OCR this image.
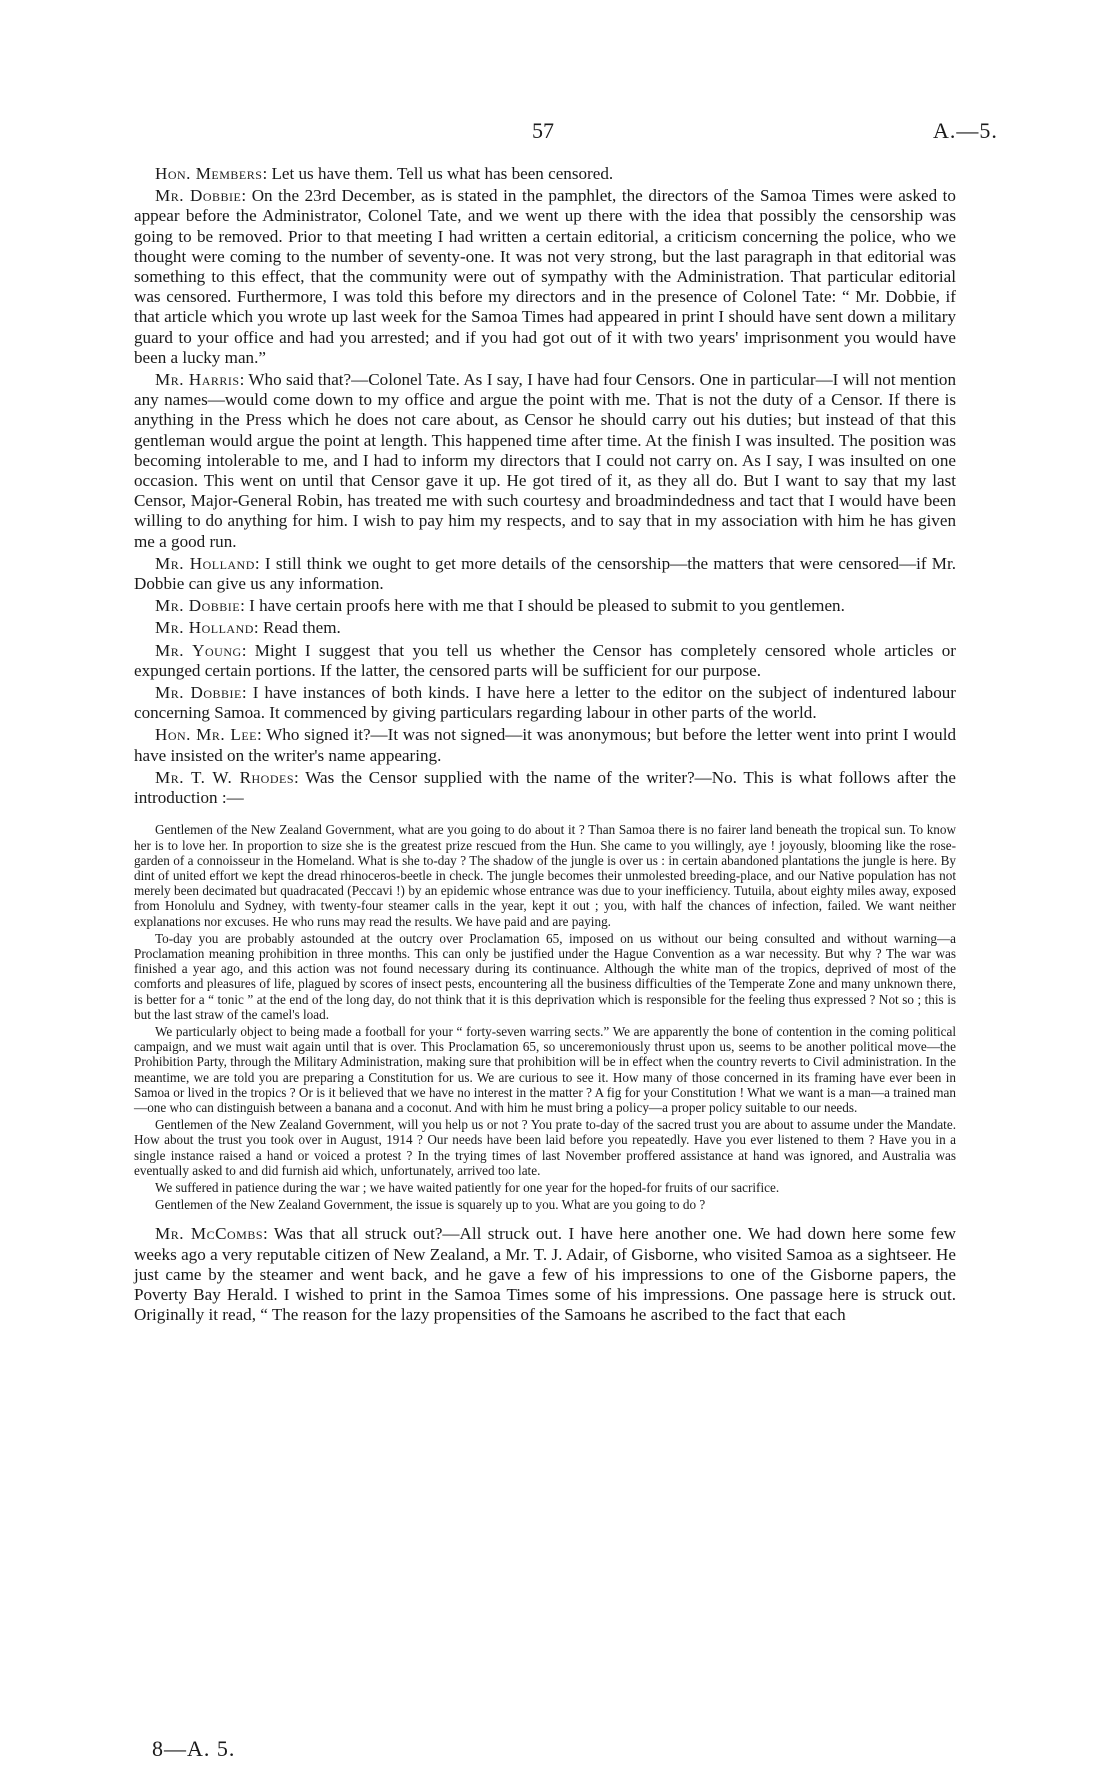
57	A.—5.

Hon. Members: Let us have them. Tell us what has been censored.

Mr. Dobbie: On the 23rd December, as is stated in the pamphlet, the directors of the Samoa Times were asked to appear before the Administrator, Colonel Tate, and we went up there with the idea that possibly the censorship was going to be removed. Prior to that meeting I had written a certain editorial, a criticism concerning the police, who we thought were coming to the number of seventy-one. It was not very strong, but the last paragraph in that editorial was something to this effect, that the community were out of sympathy with the Administration. That particular editorial was censored. Furthermore, I was told this before my directors and in the presence of Colonel Tate: “ Mr. Dobbie, if that article which you wrote up last week for the Samoa Times had appeared in print I should have sent down a military guard to your office and had you arrested; and if you had got out of it with two years' imprisonment you would have been a lucky man.”

Mr. Harris: Who said that?—Colonel Tate. As I say, I have had four Censors. One in particular—I will not mention any names—would come down to my office and argue the point with me. That is not the duty of a Censor. If there is anything in the Press which he does not care about, as Censor he should carry out his duties; but instead of that this gentleman would argue the point at length. This happened time after time. At the finish I was insulted. The position was becoming intolerable to me, and I had to inform my directors that I could not carry on. As I say, I was insulted on one occasion. This went on until that Censor gave it up. He got tired of it, as they all do. But I want to say that my last Censor, Major-General Robin, has treated me with such courtesy and broadmindedness and tact that I would have been willing to do anything for him. I wish to pay him my respects, and to say that in my association with him he has given me a good run.

Mr. Holland: I still think we ought to get more details of the censorship—the matters that were censored—if Mr. Dobbie can give us any information.

Mr. Dobbie: I have certain proofs here with me that I should be pleased to submit to you gentlemen.

Mr. Holland: Read them.

Mr. Young: Might I suggest that you tell us whether the Censor has completely censored whole articles or expunged certain portions. If the latter, the censored parts will be sufficient for our purpose.

Mr. Dobbie: I have instances of both kinds. I have here a letter to the editor on the subject of indentured labour concerning Samoa. It commenced by giving particulars regarding labour in other parts of the world.

Hon. Mr. Lee: Who signed it?—It was not signed—it was anonymous; but before the letter went into print I would have insisted on the writer's name appearing.

Mr. T. W. Rhodes: Was the Censor supplied with the name of the writer?—No. This is what follows after the introduction :—

Gentlemen of the New Zealand Government, what are you going to do about it ? Than Samoa there is no fairer land beneath the tropical sun. To know her is to love her. In proportion to size she is the greatest prize rescued from the Hun. She came to you willingly, aye ! joyously, blooming like the rose-garden of a connoisseur in the Homeland. What is she to-day ? The shadow of the jungle is over us : in certain abandoned plantations the jungle is here. By dint of united effort we kept the dread rhinoceros-beetle in check. The jungle becomes their unmolested breeding-place, and our Native population has not merely been decimated but quadracated (Peccavi !) by an epidemic whose entrance was due to your inefficiency. Tutuila, about eighty miles away, exposed from Honolulu and Sydney, with twenty-four steamer calls in the year, kept it out ; you, with half the chances of infection, failed. We want neither explanations nor excuses. He who runs may read the results. We have paid and are paying.

To-day you are probably astounded at the outcry over Proclamation 65, imposed on us without our being consulted and without warning—a Proclamation meaning prohibition in three months. This can only be justified under the Hague Convention as a war necessity. But why ? The war was finished a year ago, and this action was not found necessary during its continuance. Although the white man of the tropics, deprived of most of the comforts and pleasures of life, plagued by scores of insect pests, encountering all the business difficulties of the Temperate Zone and many unknown there, is better for a “ tonic ” at the end of the long day, do not think that it is this deprivation which is responsible for the feeling thus expressed ? Not so ; this is but the last straw of the camel's load.

We particularly object to being made a football for your “ forty-seven warring sects.” We are apparently the bone of contention in the coming political campaign, and we must wait again until that is over. This Proclamation 65, so unceremoniously thrust upon us, seems to be another political move—the Prohibition Party, through the Military Administration, making sure that prohibition will be in effect when the country reverts to Civil administration. In the meantime, we are told you are preparing a Constitution for us. We are curious to see it. How many of those concerned in its framing have ever been in Samoa or lived in the tropics ? Or is it believed that we have no interest in the matter ? A fig for your Constitution ! What we want is a man—a trained man—one who can distinguish between a banana and a coconut. And with him he must bring a policy—a proper policy suitable to our needs.

Gentlemen of the New Zealand Government, will you help us or not ? You prate to-day of the sacred trust you are about to assume under the Mandate. How about the trust you took over in August, 1914 ? Our needs have been laid before you repeatedly. Have you ever listened to them ? Have you in a single instance raised a hand or voiced a protest ? In the trying times of last November proffered assistance at hand was ignored, and Australia was eventually asked to and did furnish aid which, unfortunately, arrived too late.

We suffered in patience during the war ; we have waited patiently for one year for the hoped-for fruits of our sacrifice.

Gentlemen of the New Zealand Government, the issue is squarely up to you. What are you going to do ?

Mr. McCombs: Was that all struck out?—All struck out. I have here another one. We had down here some few weeks ago a very reputable citizen of New Zealand, a Mr. T. J. Adair, of Gisborne, who visited Samoa as a sightseer. He just came by the steamer and went back, and he gave a few of his impressions to one of the Gisborne papers, the Poverty Bay Herald. I wished to print in the Samoa Times some of his impressions. One passage here is struck out. Originally it read, “ The reason for the lazy propensities of the Samoans he ascribed to the fact that each

8—A. 5.
